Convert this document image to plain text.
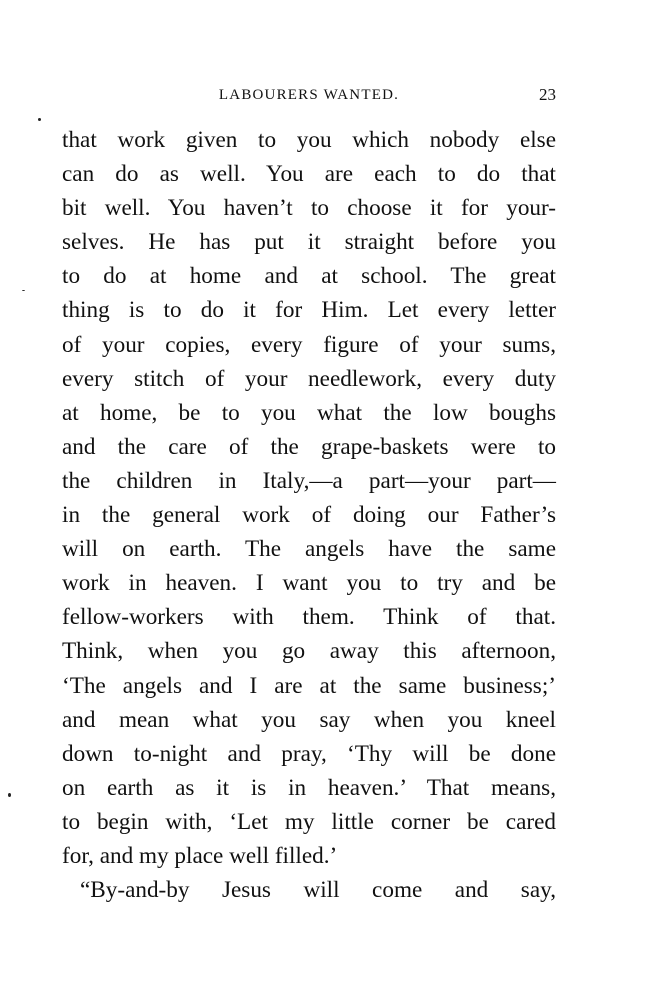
LABOURERS WANTED.	23
that work given to you which nobody else
can do as well. You are each to do that
bit well. You haven’t to choose it for your-
selves. He has put it straight before you
to do at home and at school. The great
thing is to do it for Him. Let every letter
of your copies, every figure of your sums,
every stitch of your needlework, every duty
at home, be to you what the low boughs
and the care of the grape-baskets were to
the children in Italy,—a part—your part—
in the general work of doing our Father’s
will on earth. The angels have the same
work in heaven. I want you to try and be
fellow-workers with them. Think of that.
Think, when you go away this afternoon,
‘The angels and I are at the same business;’
and mean what you say when you kneel
down to-night and pray, ‘Thy will be done
on earth as it is in heaven.’ That means,
to begin with, ‘Let my little corner be cared
for, and my place well filled.’
“By-and-by Jesus will come and say,
